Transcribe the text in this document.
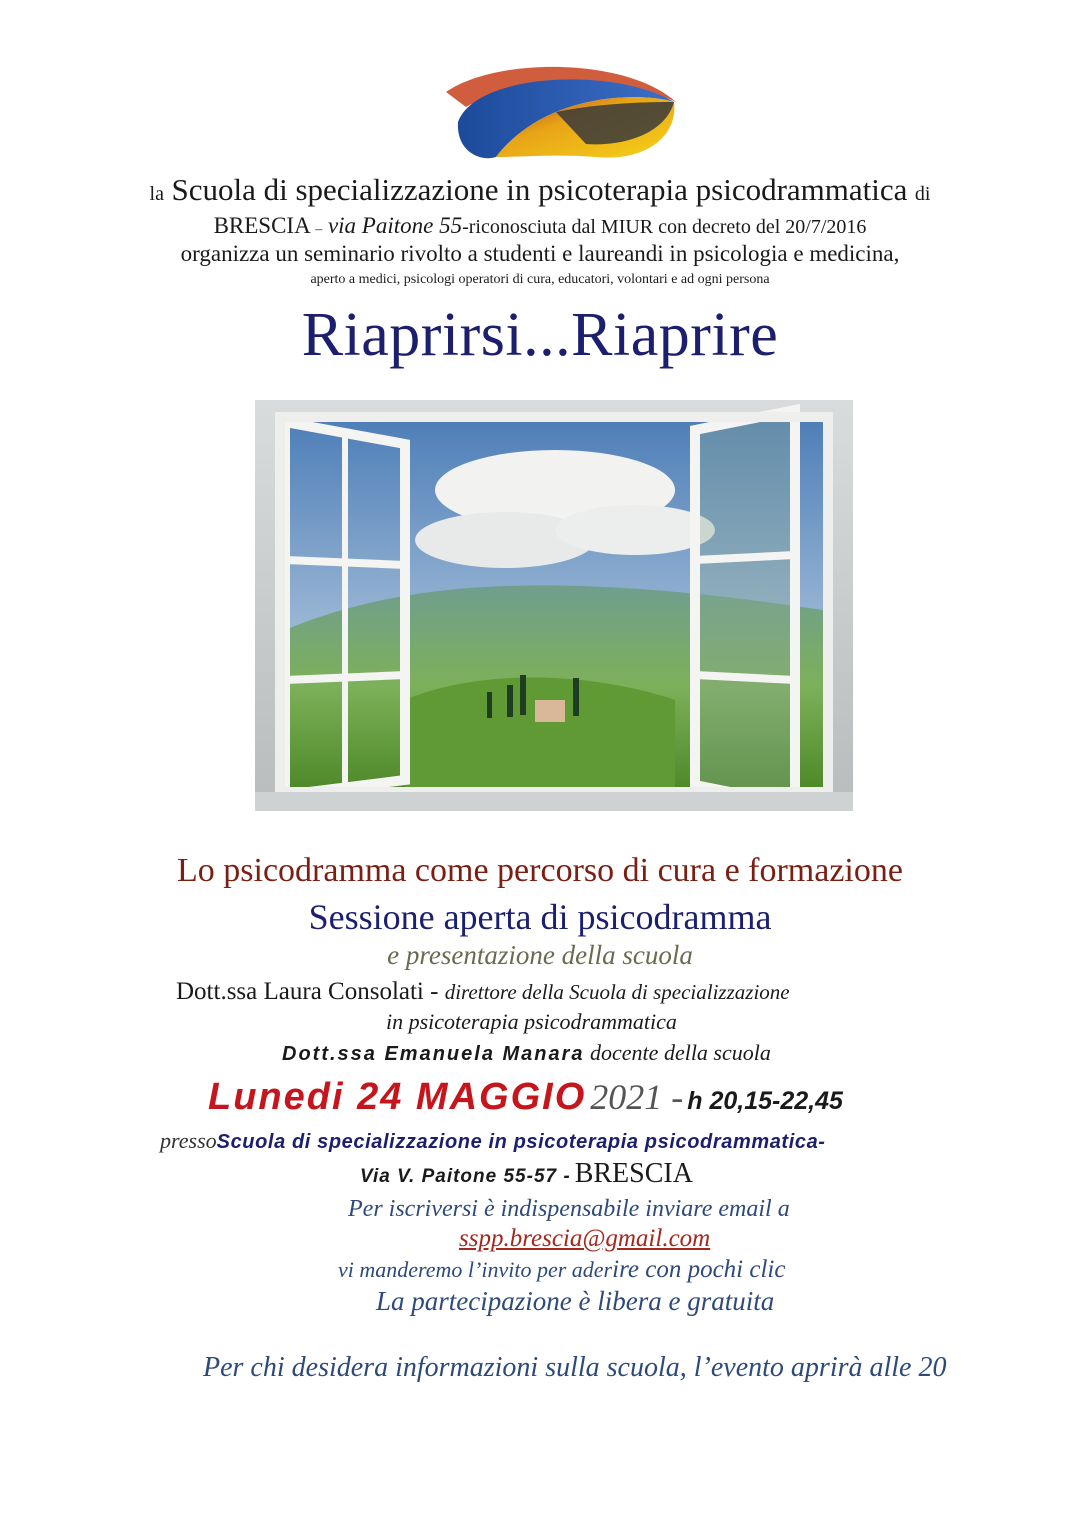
la Scuola di specializzazione in psicoterapia psicodrammatica di
BRESCIA – via Paitone 55-riconosciuta dal MIUR con decreto del 20/7/2016
organizza un seminario rivolto a studenti e laureandi in psicologia e medicina,
aperto a medici, psicologi operatori di cura, educatori, volontari e ad ogni persona
Riaprirsi...Riaprire
Lo psicodramma come percorso di cura e formazione
Sessione aperta di psicodramma
e presentazione della scuola
Dott.ssa Laura Consolati - direttore della Scuola di specializzazione
in psicoterapia psicodrammatica
Dott.ssa Emanuela Manara docente della scuola
Lunedi 24 MAGGIO 2021 - h 20,15-22,45
pressoScuola di specializzazione in psicoterapia psicodrammatica-
Via V. Paitone 55-57 - BRESCIA
Per iscriversi è indispensabile inviare email a
sspp.brescia@gmail.com
vi manderemo l’invito per aderire con pochi clic
La partecipazione è libera e gratuita
Per chi desidera informazioni sulla scuola, l’evento aprirà alle 20
